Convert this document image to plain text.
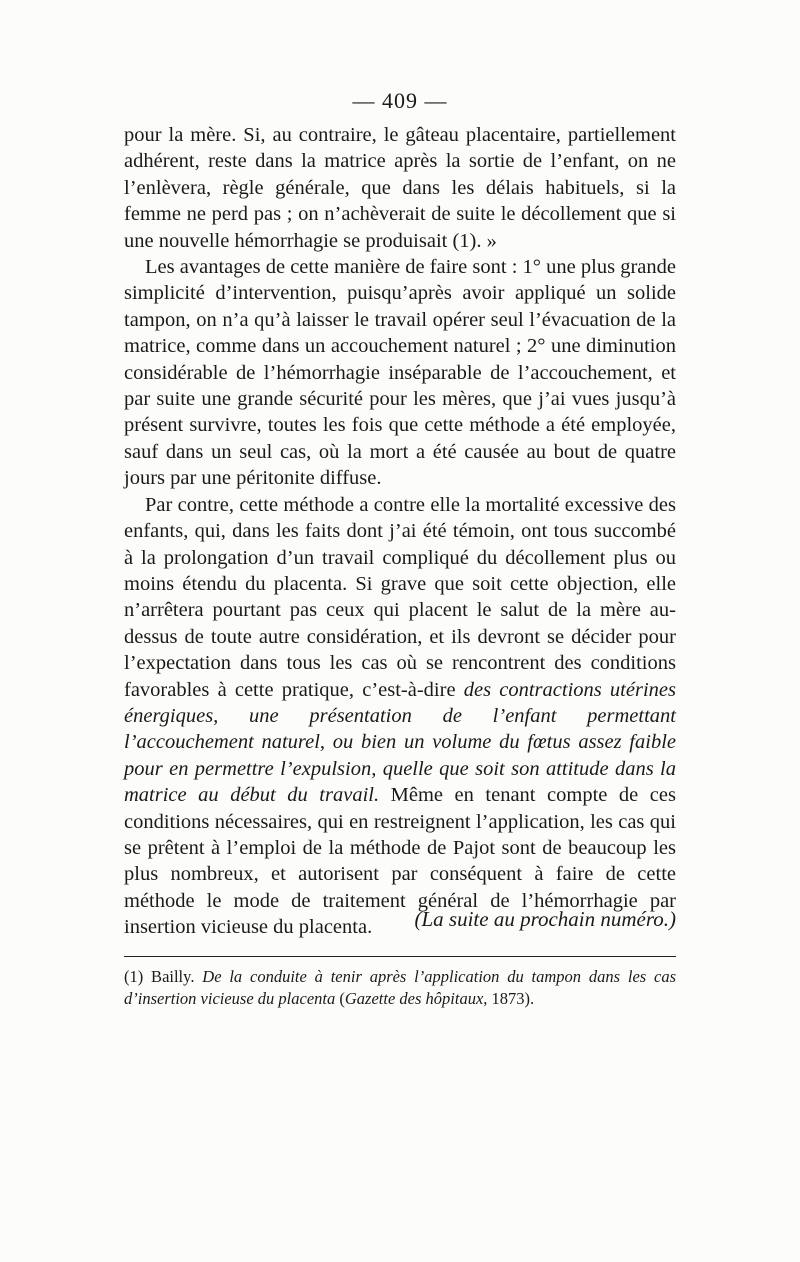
— 409 —

pour la mère. Si, au contraire, le gâteau placentaire, partiellement adhérent, reste dans la matrice après la sortie de l’enfant, on ne l’enlèvera, règle générale, que dans les délais habituels, si la femme ne perd pas ; on n’achèverait de suite le décollement que si une nouvelle hémorrhagie se produisait (1). »

Les avantages de cette manière de faire sont : 1° une plus grande simplicité d’intervention, puisqu’après avoir appliqué un solide tampon, on n’a qu’à laisser le travail opérer seul l’évacuation de la matrice, comme dans un accouchement naturel ; 2° une diminution considérable de l’hémorrhagie inséparable de l’accouchement, et par suite une grande sécurité pour les mères, que j’ai vues jusqu’à présent survivre, toutes les fois que cette méthode a été employée, sauf dans un seul cas, où la mort a été causée au bout de quatre jours par une péritonite diffuse.

Par contre, cette méthode a contre elle la mortalité excessive des enfants, qui, dans les faits dont j’ai été témoin, ont tous succombé à la prolongation d’un travail compliqué du décollement plus ou moins étendu du placenta. Si grave que soit cette objection, elle n’arrêtera pourtant pas ceux qui placent le salut de la mère au-dessus de toute autre considération, et ils devront se décider pour l’expectation dans tous les cas où se rencontrent des conditions favorables à cette pratique, c’est-à-dire des contractions utérines énergiques, une présentation de l’enfant permettant l’accouchement naturel, ou bien un volume du fœtus assez faible pour en permettre l’expulsion, quelle que soit son attitude dans la matrice au début du travail. Même en tenant compte de ces conditions nécessaires, qui en restreignent l’application, les cas qui se prêtent à l’emploi de la méthode de Pajot sont de beaucoup les plus nombreux, et autorisent par conséquent à faire de cette méthode le mode de traitement général de l’hémorrhagie par insertion vicieuse du placenta.	(La suite au prochain numéro.)
(1) Bailly. De la conduite à tenir après l’application du tampon dans les cas d’insertion vicieuse du placenta (Gazette des hôpitaux, 1873).
